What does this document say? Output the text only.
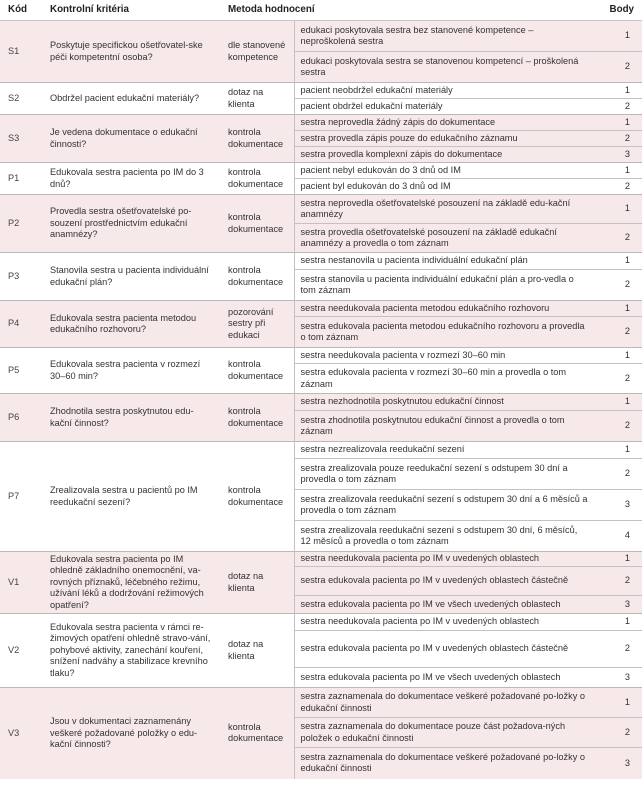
Kód	Kontrolní kritéria	Metoda hodnocení		Body
S1	Poskytuje specifickou ošetřovatel-ske péči kompetentní osoba?	dle stanovené kompetence	edukaci poskytovala sestra bez stanovené kompetence – neproškolená sestra	1
			edukaci poskytovala sestra se stanovenou kompetencí – proškolená sestra	2
S2	Obdržel pacient edukační materiály?	dotaz na klienta	pacient neobdržel edukační materiály	1
			pacient obdržel edukační materiály	2
S3	Je vedena dokumentace o edukační činnosti?	kontrola dokumentace	sestra neprovedla žádný zápis do dokumentace	1
			sestra provedla zápis pouze do edukačního záznamu	2
			sestra provedla komplexní zápis do dokumentace	3
P1	Edukovala sestra pacienta po IM do 3 dnů?	kontrola dokumentace	pacient nebyl edukován do 3 dnů od IM	1
			pacient byl edukován do 3 dnů od IM	2
P2	Provedla sestra ošetřovatelské po-souzení prostřednictvím edukační anamnézy?	kontrola dokumentace	sestra neprovedla ošetřovatelské posouzení na základě edu-kační anamnézy	1
			sestra provedla ošetřovatelské posouzení na základě edukační anamnézy a provedla o tom záznam	2
P3	Stanovila sestra u pacienta individuální edukační plán?	kontrola dokumentace	sestra nestanovila u pacienta individuální edukační plán	1
			sestra stanovila u pacienta individuální edukační plán a pro-vedla o tom záznam	2
P4	Edukovala sestra pacienta metodou edukačního rozhovoru?	pozorování sestry při edukaci	sestra needukovala pacienta metodou edukačního rozhovoru	1
			sestra edukovala pacienta metodou edukačního rozhovoru a provedla o tom záznam	2
P5	Edukovala sestra pacienta v rozmezí 30–60 min?	kontrola dokumentace	sestra needukovala pacienta v rozmezí 30–60 min	1
			sestra edukovala pacienta v rozmezí 30–60 min a provedla o tom záznam	2
P6	Zhodnotila sestra poskytnutou edu-kační činnost?	kontrola dokumentace	sestra nezhodnotila poskytnutou edukační činnost	1
			sestra zhodnotila poskytnutou edukační činnost a provedla o tom záznam	2
P7	Zrealizovala sestra u pacientů po IM reedukační sezení?	kontrola dokumentace	sestra nezrealizovala reedukační sezení	1
			sestra zrealizovala pouze reedukační sezení s odstupem 30 dní a provedla o tom záznam	2
			sestra zrealizovala reedukační sezení s odstupem 30 dní a 6 měsíců a provedla o tom záznam	3
			sestra zrealizovala reedukační sezení s odstupem 30 dní, 6 měsíců, 12 měsíců a provedla o tom záznam	4
V1	Edukovala sestra pacienta po IM ohledně základního onemocnění, va-rovných příznaků, léčebného režimu, užívání léků a dodržování režimových opatření?	dotaz na klienta	sestra needukovala pacienta po IM v uvedených oblastech	1
			sestra edukovala pacienta po IM v uvedených oblastech částečně	2
			sestra edukovala pacienta po IM ve všech uvedených oblastech	3
V2	Edukovala sestra pacienta v rámci re-žimových opatření ohledně stravo-vání, pohybové aktivity, zanechání kouření, snížení nadváhy a stabilizace krevního tlaku?	dotaz na klienta	sestra needukovala pacienta po IM v uvedených oblastech	1
			sestra edukovala pacienta po IM v uvedených oblastech částečně	2
			sestra edukovala pacienta po IM ve všech uvedených oblastech	3
V3	Jsou v dokumentaci zaznamenány veškeré požadované položky o edu-kační činnosti?	kontrola dokumentace	sestra zaznamenala do dokumentace veškeré požadované po-ložky o edukační činnosti	1
			sestra zaznamenala do dokumentace pouze část požadova-ných položek o edukační činnosti	2
			sestra zaznamenala do dokumentace veškeré požadované po-ložky o edukační činnosti	3
